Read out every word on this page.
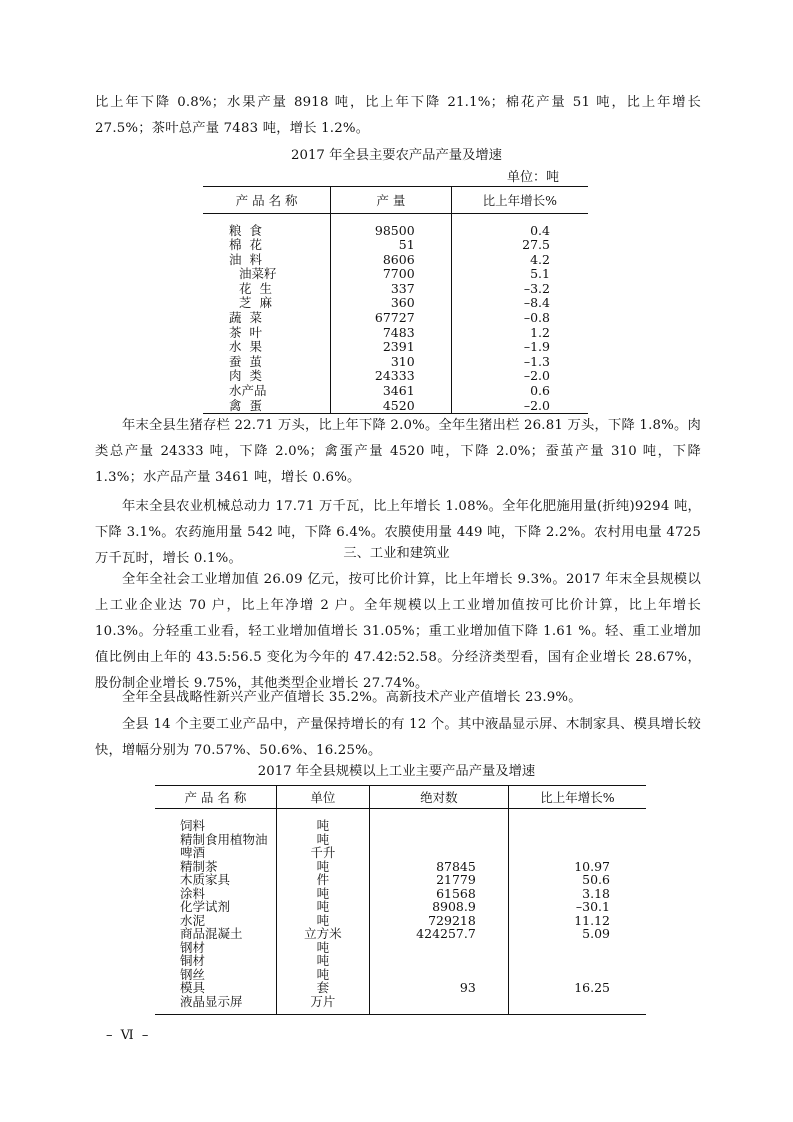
比上年下降 0.8%；水果产量 8918 吨，比上年下降 21.1%；棉花产量 51 吨，比上年增长 27.5%；茶叶总产量 7483 吨，增长 1.2%。

2017 年全县主要农产品产量及增速
单位：吨
产 品 名 称	产 量	比上年增长%

粮食	98500	0.4
棉花	51	27.5
油料	8606	4.2
油菜籽	7700	5.1
花生	337	–3.2
芝麻	360	–8.4
蔬菜	67727	–0.8
茶叶	7483	1.2
水果	2391	–1.9
蚕茧	310	–1.3
肉类	24333	–2.0
水产品	3461	0.6
禽蛋	4520	–2.0

年末全县生猪存栏 22.71 万头，比上年下降 2.0%。全年生猪出栏 26.81 万头，下降 1.8%。肉类总产量 24333 吨，下降 2.0%；禽蛋产量 4520 吨，下降 2.0%；蚕茧产量 310 吨，下降 1.3%；水产品产量 3461 吨，增长 0.6%。

年末全县农业机械总动力 17.71 万千瓦，比上年增长 1.08%。全年化肥施用量(折纯)9294 吨，下降 3.1%。农药施用量 542 吨，下降 6.4%。农膜使用量 449 吨，下降 2.2%。农村用电量 4725 万千瓦时，增长 0.1%。	三、工业和建筑业

全年全社会工业增加值 26.09 亿元，按可比价计算，比上年增长 9.3%。2017 年末全县规模以上工业企业达 70 户，比上年净增 2 户。全年规模以上工业增加值按可比价计算，比上年增长 10.3%。分轻重工业看，轻工业增加值增长 31.05%；重工业增加值下降 1.61 %。轻、重工业增加值比例由上年的 43.5:56.5 变化为今年的 47.42:52.58。分经济类型看，国有企业增长 28.67%，股份制企业增长 9.75%，其他类型企业增长 27.74%。

全年全县战略性新兴产业产值增长 35.2%。高新技术产业产值增长 23.9%。

全县 14 个主要工业产品中，产量保持增长的有 12 个。其中液晶显示屏、木制家具、模具增长较快，增幅分别为 70.57%、50.6%、16.25%。

2017 年全县规模以上工业主要产品产量及增速
产 品 名 称	单位	绝对数	比上年增长%
饲料	吨		
精制食用植物油	吨		
啤酒	千升		
精制茶	吨	87845	10.97
木质家具	件	21779	50.6
涂料	吨	61568	3.18
化学试剂	吨	8908.9	–30.1
水泥	吨	729218	11.12
商品混凝土	立方米	424257.7	5.09
钢材	吨		
铜材	吨		
钢丝	吨		
模具	套	93	16.25
液晶显示屏	万片		
– Ⅵ –
